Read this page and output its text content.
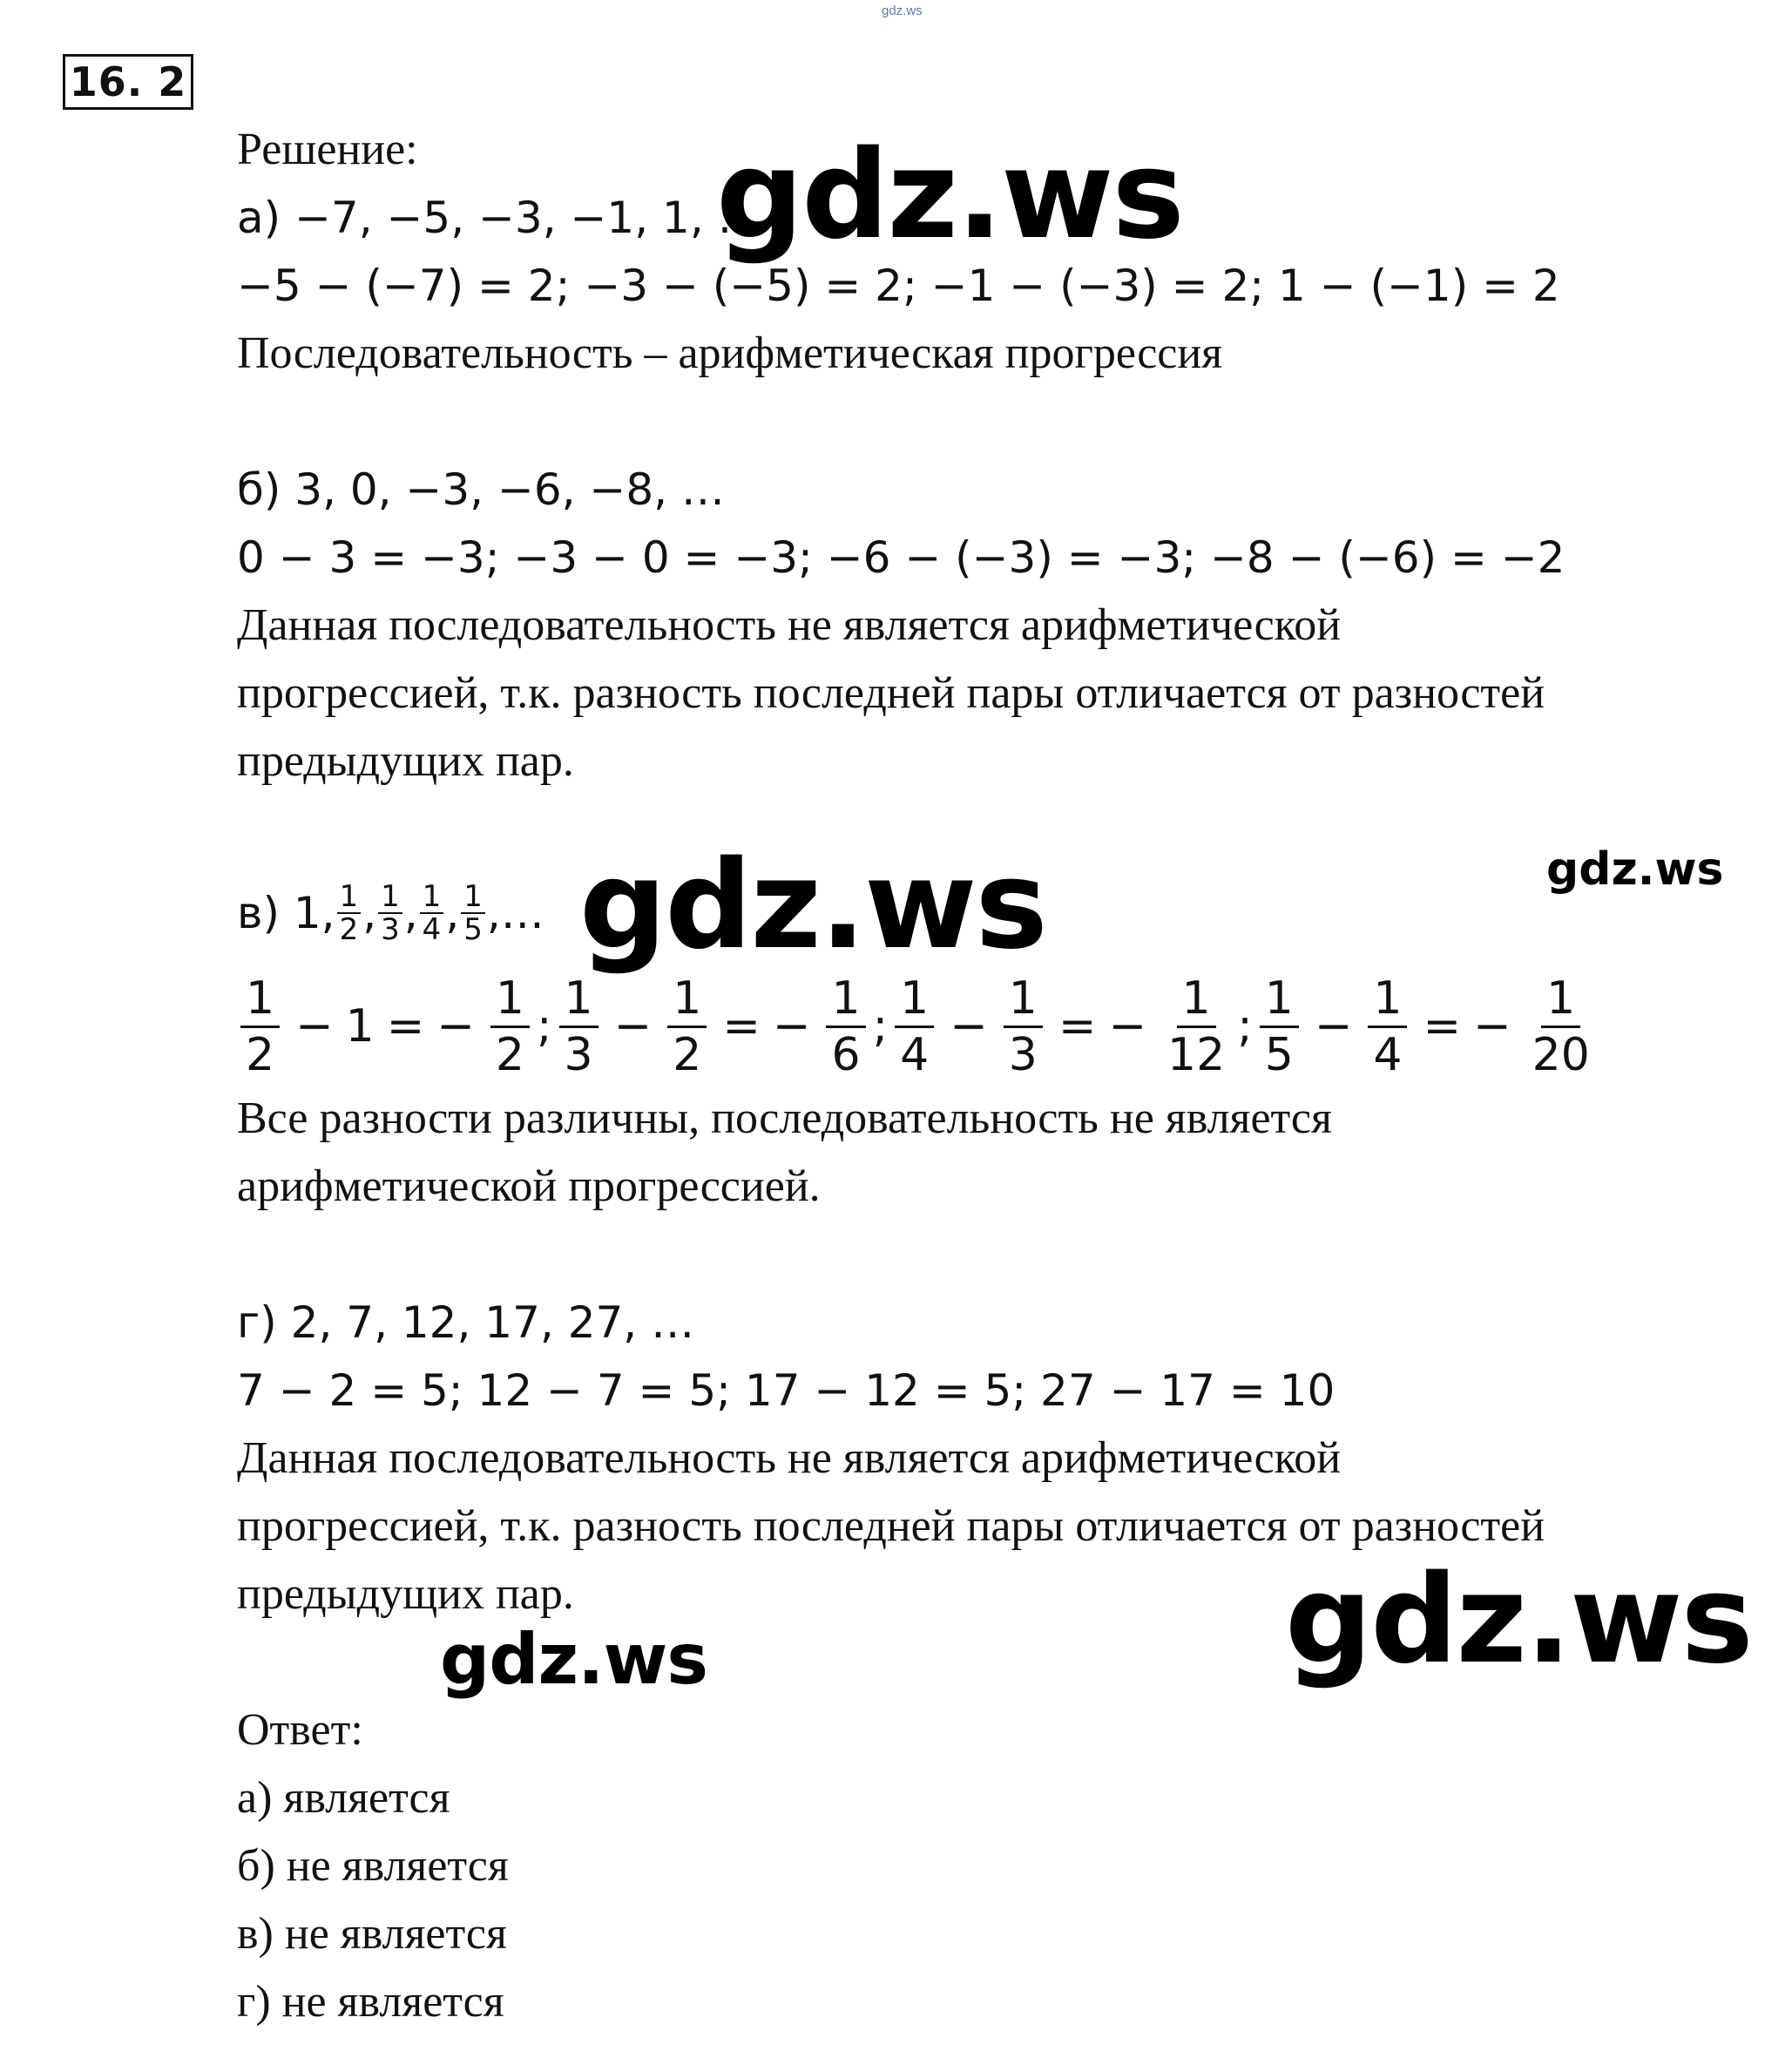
gdz.ws
16. 2
Решение:
а) −7, −5, −3, −1, 1, …
−5 − (−7) = 2; −3 − (−5) = 2; −1 − (−3) = 2; 1 − (−1) = 2
Последовательность – арифметическая прогрессия
б) 3, 0, −3, −6, −8, …
0 − 3 = −3; −3 − 0 = −3; −6 − (−3) = −3; −8 − (−6) = −2
Данная последовательность не является арифметической
прогрессией, т.к. разность последней пары отличается от разностей
предыдущих пар.
в) 1, 1
2 , 1
3 , 1
4 , 1
5 , …
1
2
− 1 = − $\frac{1}{2}$ ;
1
3
− $\frac{1}{2}$ = − $\frac{1}{6}$ ;
1
4
− $\frac{1}{3}$ = − $\frac{1}{12}$ ;
1
5
− $\frac{1}{4}$ = − $\frac{1}{20}$
Все разности различны, последовательность не является
арифметической прогрессией.
г) 2, 7, 12, 17, 27, …
7 − 2 = 5; 12 − 7 = 5; 17 − 12 = 5; 27 − 17 = 10
Данная последовательность не является арифметической
прогрессией, т.к. разность последней пары отличается от разностей
предыдущих пар.
Ответ:
а) является
б) не является
в) не является
г) не является
gdz.ws
gdz.ws	gdz.ws
gdz.ws
gdz.ws
